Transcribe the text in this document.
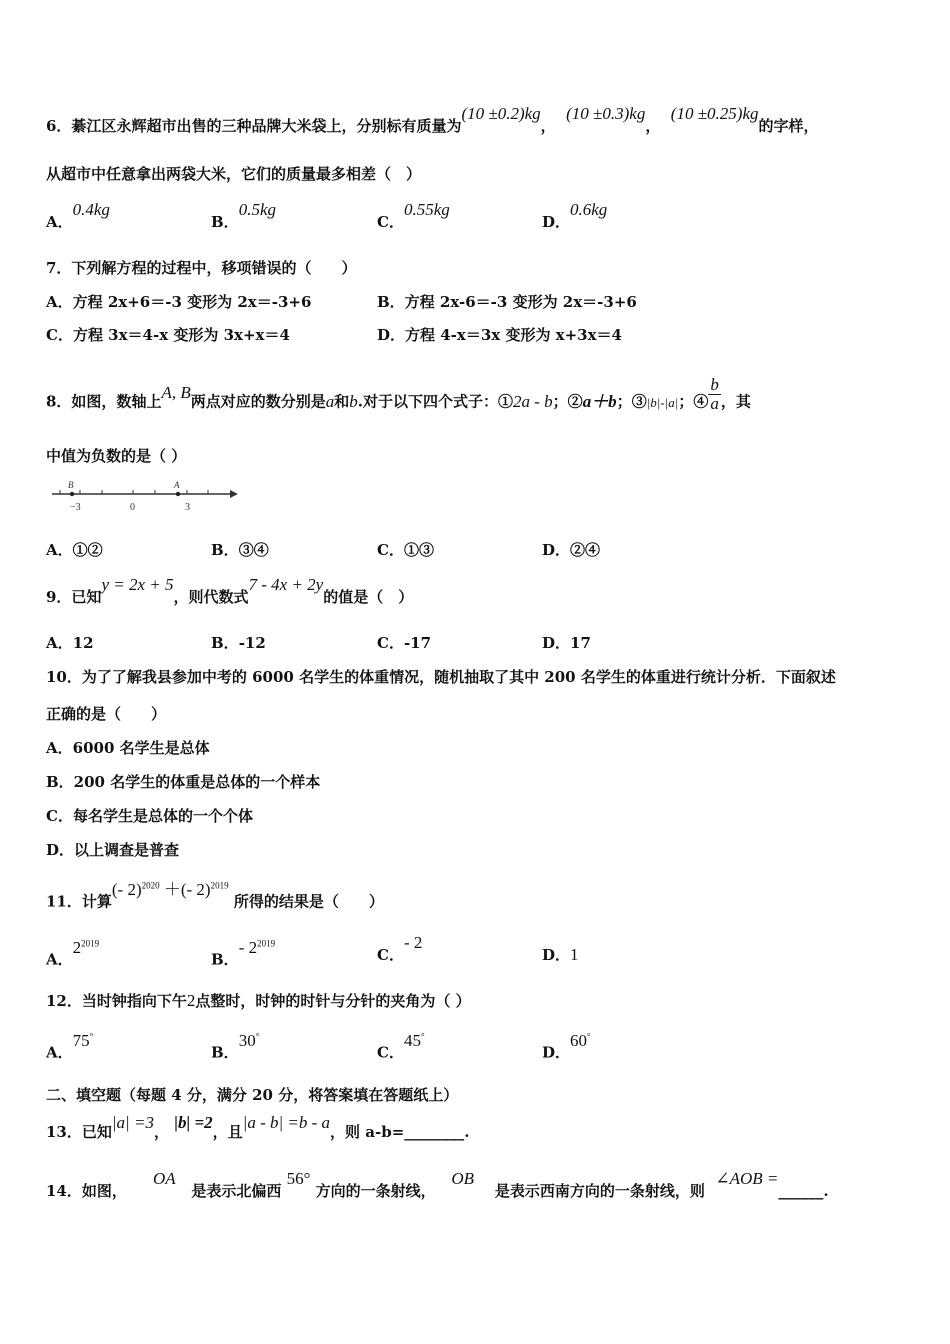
6．綦江区永辉超市出售的三种品牌大米袋上，分别标有质量为(10 ±0.2)kg，  (10 ±0.3)kg，  (10 ±0.25)kg的字样，
从超市中任意拿出两袋大米，它们的质量最多相差（　）
A．0.4kg
B．0.5kg
C．0.55kg
D．0.6kg
7．下列解方程的过程中，移项错误的（　　）
A．方程 2x+6＝-3 变形为 2x＝-3+6	B．方程 2x-6＝-3 变形为 2x＝-3+6
C．方程 3x＝4-x 变形为 3x+x＝4	D．方程 4-x＝3x 变形为 x+3x＝4
8．如图，数轴上A, B两点对应的数分别是a和b.对于以下四个式子：①2a - b；②a＋b；③|b|-|a|；④ $\frac{b}{a}$ ，其
中值为负数的是（ ）
B	A
−3	0	3
A．①②	B．③④	C．①③	D．②④
9．已知y = 2x + 5，则代数式7 - 4x + 2y的值是（　）
A．12	B．-12	C．-17	D．17
10．为了了解我县参加中考的 6000 名学生的体重情况，随机抽取了其中 200 名学生的体重进行统计分析．下面叙述
正确的是（　　）
A．6000 名学生是总体
B．200 名学生的体重是总体的一个样本
C．每名学生是总体的一个个体
D．以上调查是普查
11．计算(- 2)$^{2020}$ ＋(- 2)$^{2019}$ 所得的结果是（　　）
A．$2^{2019}$
B．- $2^{2019}$
C．- 2
D．1
12．当时钟指向下午2点整时，时钟的时针与分针的夹角为（ ）
A．75°
B．30°
C．45°
D．60°
二、填空题（每题 4 分，满分 20 分，将答案填在答题纸上）
13．已知|a| =3， |b| =2，且|a - b| =b - a，则 a-b=________.
14．如图，     OA   是表示北偏西 56° 方向的一条射线，   OB    是表示西南方向的一条射线，则  ∠AOB =______.
